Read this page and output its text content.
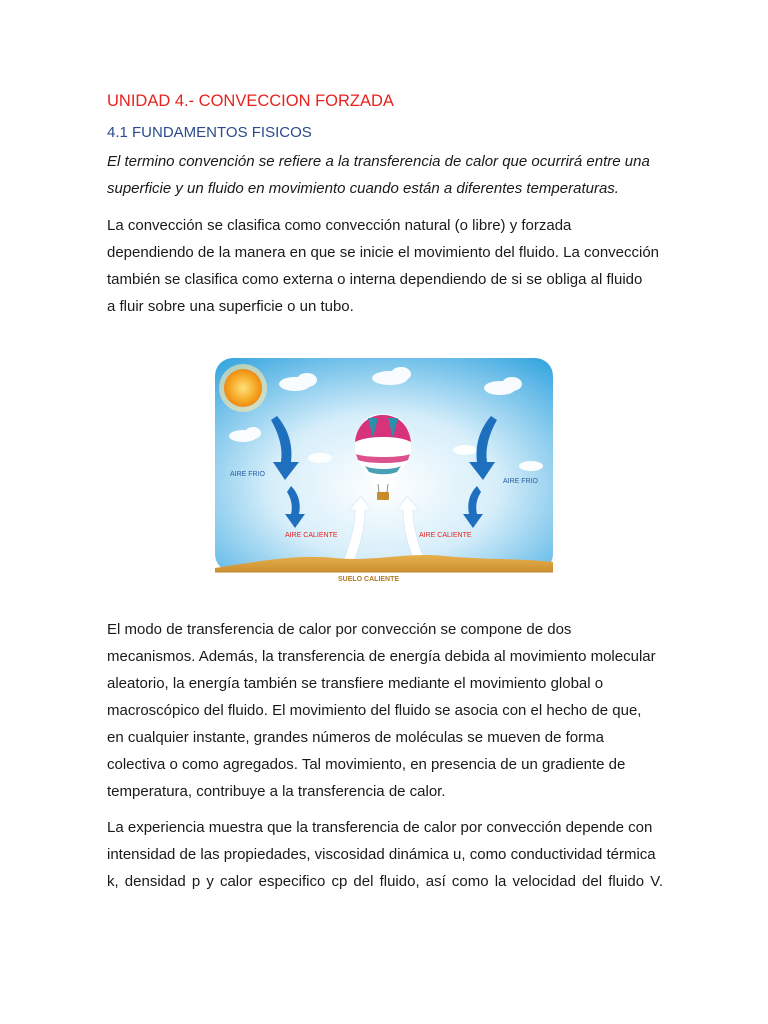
UNIDAD 4.- CONVECCION FORZADA
4.1 FUNDAMENTOS FISICOS
El termino convención se refiere a la transferencia de calor que ocurrirá entre una
superficie y un fluido en movimiento cuando están a diferentes temperaturas.
La convección se clasifica como convección natural (o libre) y forzada
dependiendo de la manera en que se inicie el movimiento del fluido. La convección
también se clasifica como externa o interna dependiendo de si se obliga al fluido
a fluir sobre una superficie o un tubo.
El modo de transferencia de calor por convección se compone de dos
mecanismos. Además, la transferencia de energía debida al movimiento molecular
aleatorio, la energía también se transfiere mediante el movimiento global o
macroscópico del fluido. El movimiento del fluido se asocia con el hecho de que,
en cualquier instante, grandes números de moléculas se mueven de forma
colectiva o como agregados. Tal movimiento, en presencia de un gradiente de
temperatura, contribuye a la transferencia de calor.
La experiencia muestra que la transferencia de calor por convección depende con
intensidad de las propiedades, viscosidad dinámica u, como conductividad térmica
k, densidad p y calor especifico cp del fluido, así como la velocidad del fluido V.
AIRE FRIO
AIRE FRIO
AIRE CALIENTE	AIRE CALIENTE
SUELO CALIENTE
